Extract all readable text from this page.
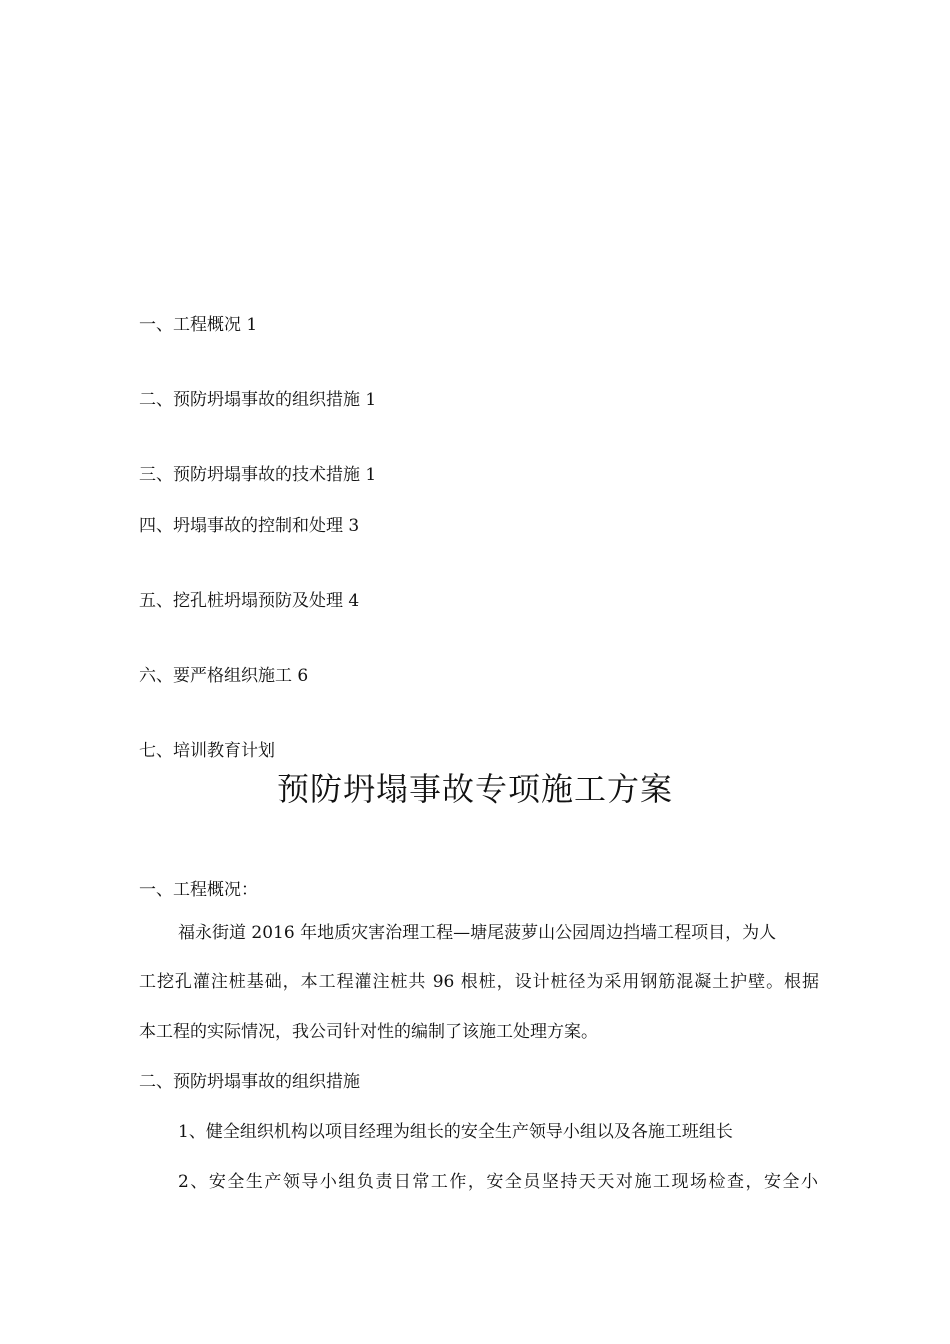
一、工程概况 1
二、预防坍塌事故的组织措施 1
三、预防坍塌事故的技术措施 1
四、坍塌事故的控制和处理 3
五、挖孔桩坍塌预防及处理 4
六、要严格组织施工 6
七、培训教育计划
预防坍塌事故专项施工方案
一、工程概况：
福永街道 2016 年地质灾害治理工程—塘尾菠萝山公园周边挡墙工程项目，为人
工挖孔灌注桩基础，本工程灌注桩共 96 根桩，设计桩径为采用钢筋混凝土护壁。根据
本工程的实际情况，我公司针对性的编制了该施工处理方案。
二、预防坍塌事故的组织措施
1、健全组织机构以项目经理为组长的安全生产领导小组以及各施工班组长
2、安全生产领导小组负责日常工作，安全员坚持天天对施工现场检查，安全小
